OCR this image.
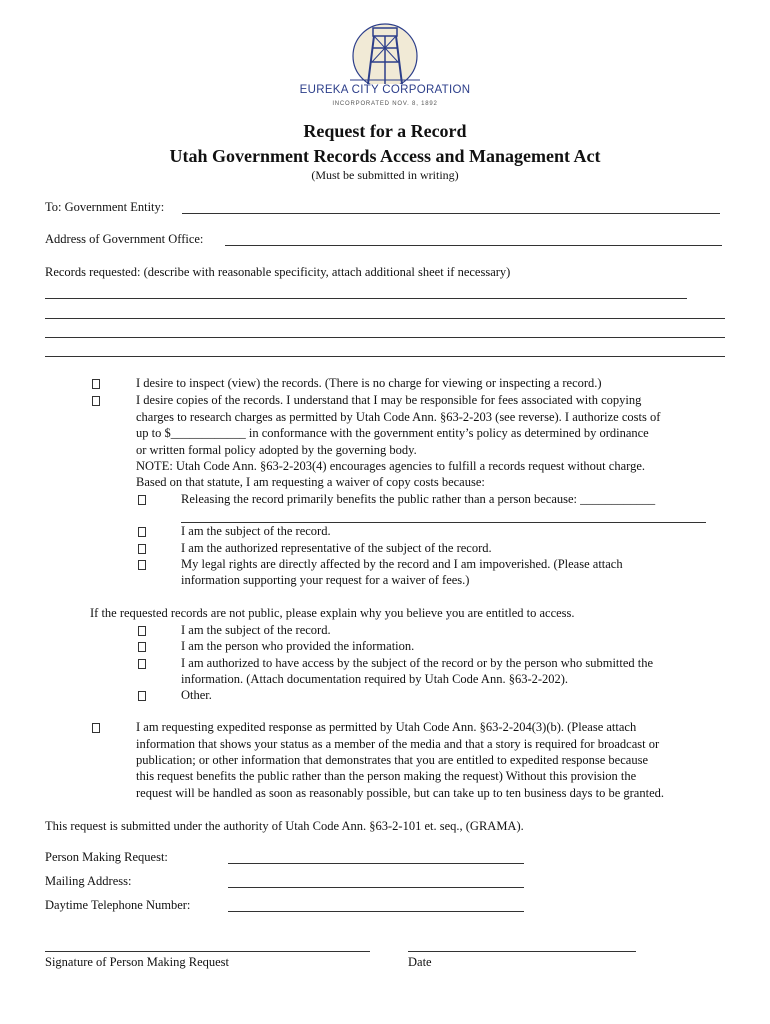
EUREKA CITY CORPORATION
INCORPORATED NOV. 8, 1892
Request for a Record
Utah Government Records Access and Management Act
(Must be submitted in writing)
To: Government Entity:
Address of Government Office:
Records requested: (describe with reasonable specificity, attach additional sheet if necessary)
I desire to inspect (view) the records. (There is no charge for viewing or inspecting a record.)
I desire copies of the records. I understand that I may be responsible for fees associated with copying
charges to research charges as permitted by Utah Code Ann. §63-2-203 (see reverse). I authorize costs of
up to $____________ in conformance with the government entity’s policy as determined by ordinance
or written formal policy adopted by the governing body.
NOTE: Utah Code Ann. §63-2-203(4) encourages agencies to fulfill a records request without charge.
Based on that statute, I am requesting a waiver of copy costs because:
Releasing the record primarily benefits the public rather than a person because: ____________
I am the subject of the record.
I am the authorized representative of the subject of the record.
My legal rights are directly affected by the record and I am impoverished. (Please attach
information supporting your request for a waiver of fees.)
If the requested records are not public, please explain why you believe you are entitled to access.
I am the subject of the record.
I am the person who provided the information.
I am authorized to have access by the subject of the record or by the person who submitted the
information. (Attach documentation required by Utah Code Ann. §63-2-202).
Other.
I am requesting expedited response as permitted by Utah Code Ann. §63-2-204(3)(b). (Please attach
information that shows your status as a member of the media and that a story is required for broadcast or
publication; or other information that demonstrates that you are entitled to expedited response because
this request benefits the public rather than the person making the request) Without this provision the
request will be handled as soon as reasonably possible, but can take up to ten business days to be granted.
This request is submitted under the authority of Utah Code Ann. §63-2-101 et. seq., (GRAMA).
Person Making Request:
Mailing Address:
Daytime Telephone Number:
Signature of Person Making Request	Date
